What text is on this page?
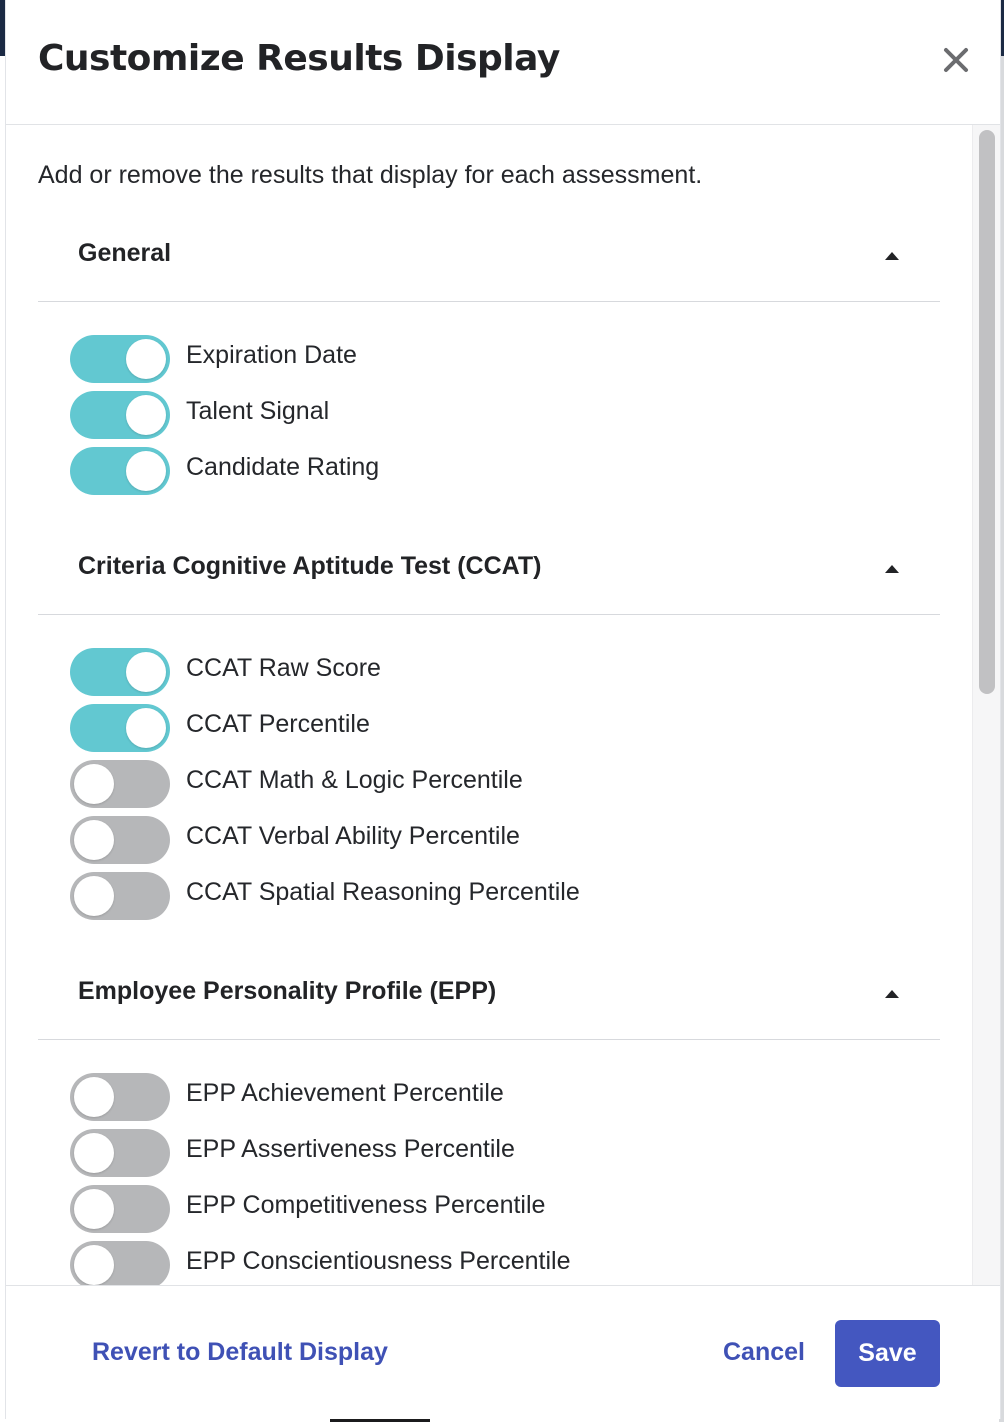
Customize Results Display
Add or remove the results that display for each assessment.
General
Expiration Date
Talent Signal
Candidate Rating
Criteria Cognitive Aptitude Test (CCAT)
CCAT Raw Score
CCAT Percentile
CCAT Math & Logic Percentile
CCAT Verbal Ability Percentile
CCAT Spatial Reasoning Percentile
Employee Personality Profile (EPP)
EPP Achievement Percentile
EPP Assertiveness Percentile
EPP Competitiveness Percentile
EPP Conscientiousness Percentile
Revert to Default Display	Cancel	Save
